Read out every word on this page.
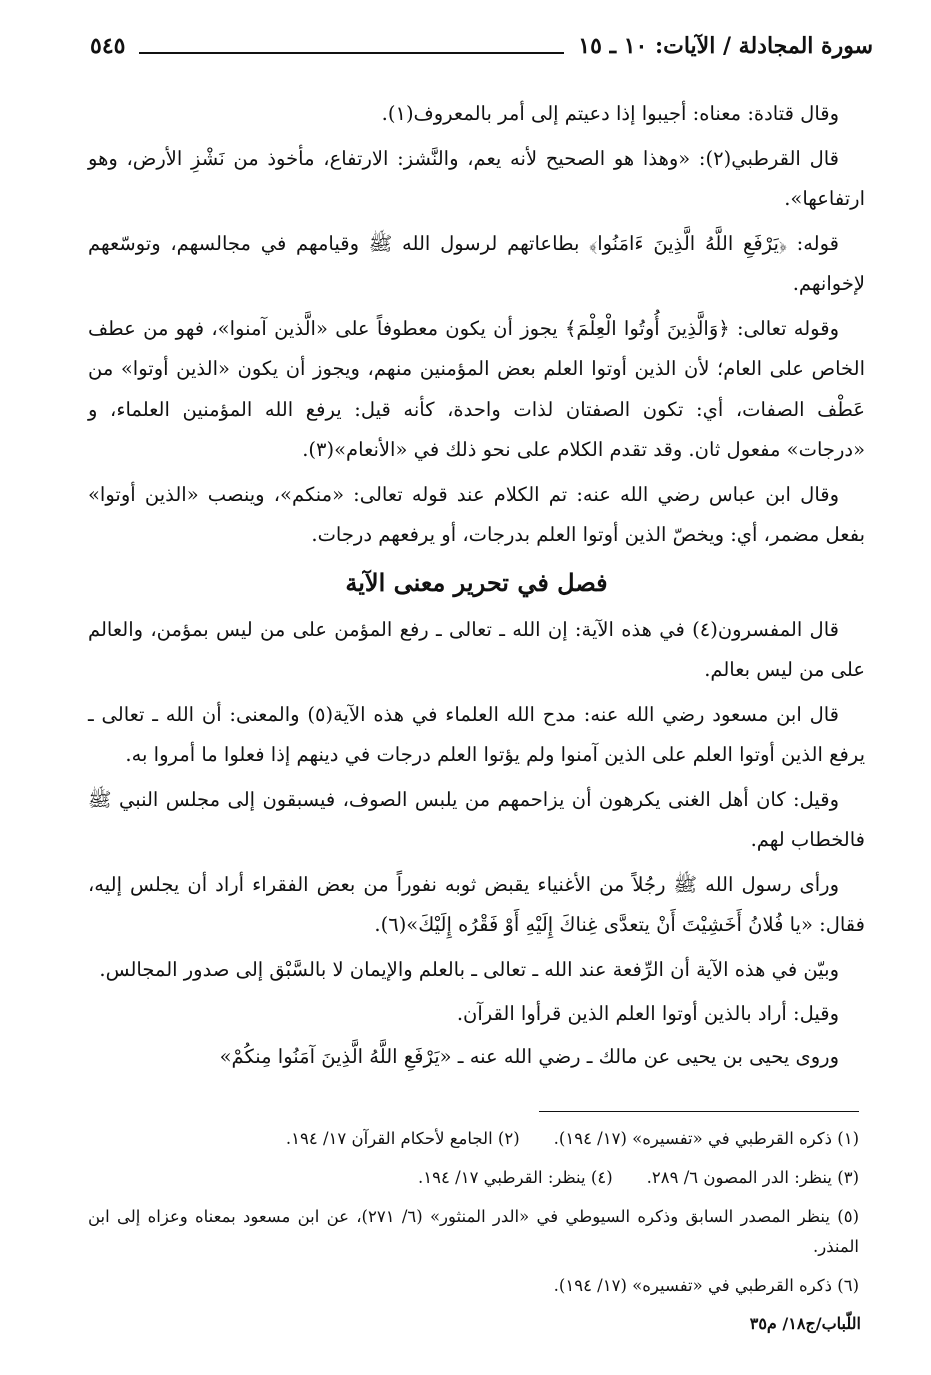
سورة المجادلة / الآيات: ١٠ ـ ١٥
٥٤٥

وقال قتادة: معناه: أجيبوا إذا دعيتم إلى أمر بالمعروف(١).

قال القرطبي(٢): «وهذا هو الصحيح لأنه يعم، والنَّشز: الارتفاع، مأخوذ من نَشْزِ الأرض، وهو ارتفاعها».

قوله: ﴿يَرْفَعِ اللَّهُ الَّذِينَ ءَامَنُوا﴾ بطاعاتهم لرسول الله ﷺ وقيامهم في مجالسهم، وتوسّعهم لإخوانهم.

وقوله تعالى: ﴿وَالَّذِينَ أُوتُوا الْعِلْمَ﴾ يجوز أن يكون معطوفاً على «الَّذين آمنوا»، فهو من عطف الخاص على العام؛ لأن الذين أوتوا العلم بعض المؤمنين منهم، ويجوز أن يكون «الذين أوتوا» من عَطْف الصفات، أي: تكون الصفتان لذات واحدة، كأنه قيل: يرفع الله المؤمنين العلماء، و «درجات» مفعول ثان. وقد تقدم الكلام على نحو ذلك في «الأنعام»(٣).

وقال ابن عباس رضي الله عنه: تم الكلام عند قوله تعالى: «منكم»، وينصب «الذين أوتوا» بفعل مضمر، أي: ويخصّ الذين أوتوا العلم بدرجات، أو يرفعهم درجات.

فصل في تحرير معنى الآية

قال المفسرون(٤) في هذه الآية: إن الله ـ تعالى ـ رفع المؤمن على من ليس بمؤمن، والعالم على من ليس بعالم.

قال ابن مسعود رضي الله عنه: مدح الله العلماء في هذه الآية(٥) والمعنى: أن الله ـ تعالى ـ يرفع الذين أوتوا العلم على الذين آمنوا ولم يؤتوا العلم درجات في دينهم إذا فعلوا ما أمروا به.

وقيل: كان أهل الغنى يكرهون أن يزاحمهم من يلبس الصوف، فيسبقون إلى مجلس النبي ﷺ فالخطاب لهم.

ورأى رسول الله ﷺ رجُلاً من الأغنياء يقبض ثوبه نفوراً من بعض الفقراء أراد أن يجلس إليه، فقال: «يا فُلانُ أَخَشِيْتَ أَنْ يتعدَّى غِناكَ إِلَيْهِ أَوْ فَقْرُه إِلَيْكَ»(٦).

وبيّن في هذه الآية أن الرِّفعة عند الله ـ تعالى ـ بالعلم والإيمان لا بالسَّبْق إلى صدور المجالس.

وقيل: أراد بالذين أوتوا العلم الذين قرأوا القرآن.

وروى يحيى بن يحيى عن مالك ـ رضي الله عنه ـ «يَرْفَعِ اللَّهُ الَّذِينَ آمَنُوا مِنكُمْ»

(١) ذكره القرطبي في «تفسيره» (١٧/ ١٩٤).
(٢) الجامع لأحكام القرآن ١٧/ ١٩٤.
(٣) ينظر: الدر المصون ٦/ ٢٨٩.
(٤) ينظر: القرطبي ١٧/ ١٩٤.
(٥) ينظر المصدر السابق وذكره السيوطي في «الدر المنثور» (٦/ ٢٧١)، عن ابن مسعود بمعناه وعزاه إلى ابن المنذر.
(٦) ذكره القرطبي في «تفسيره» (١٧/ ١٩٤).
اللّباب/ج١٨/ م٣٥
